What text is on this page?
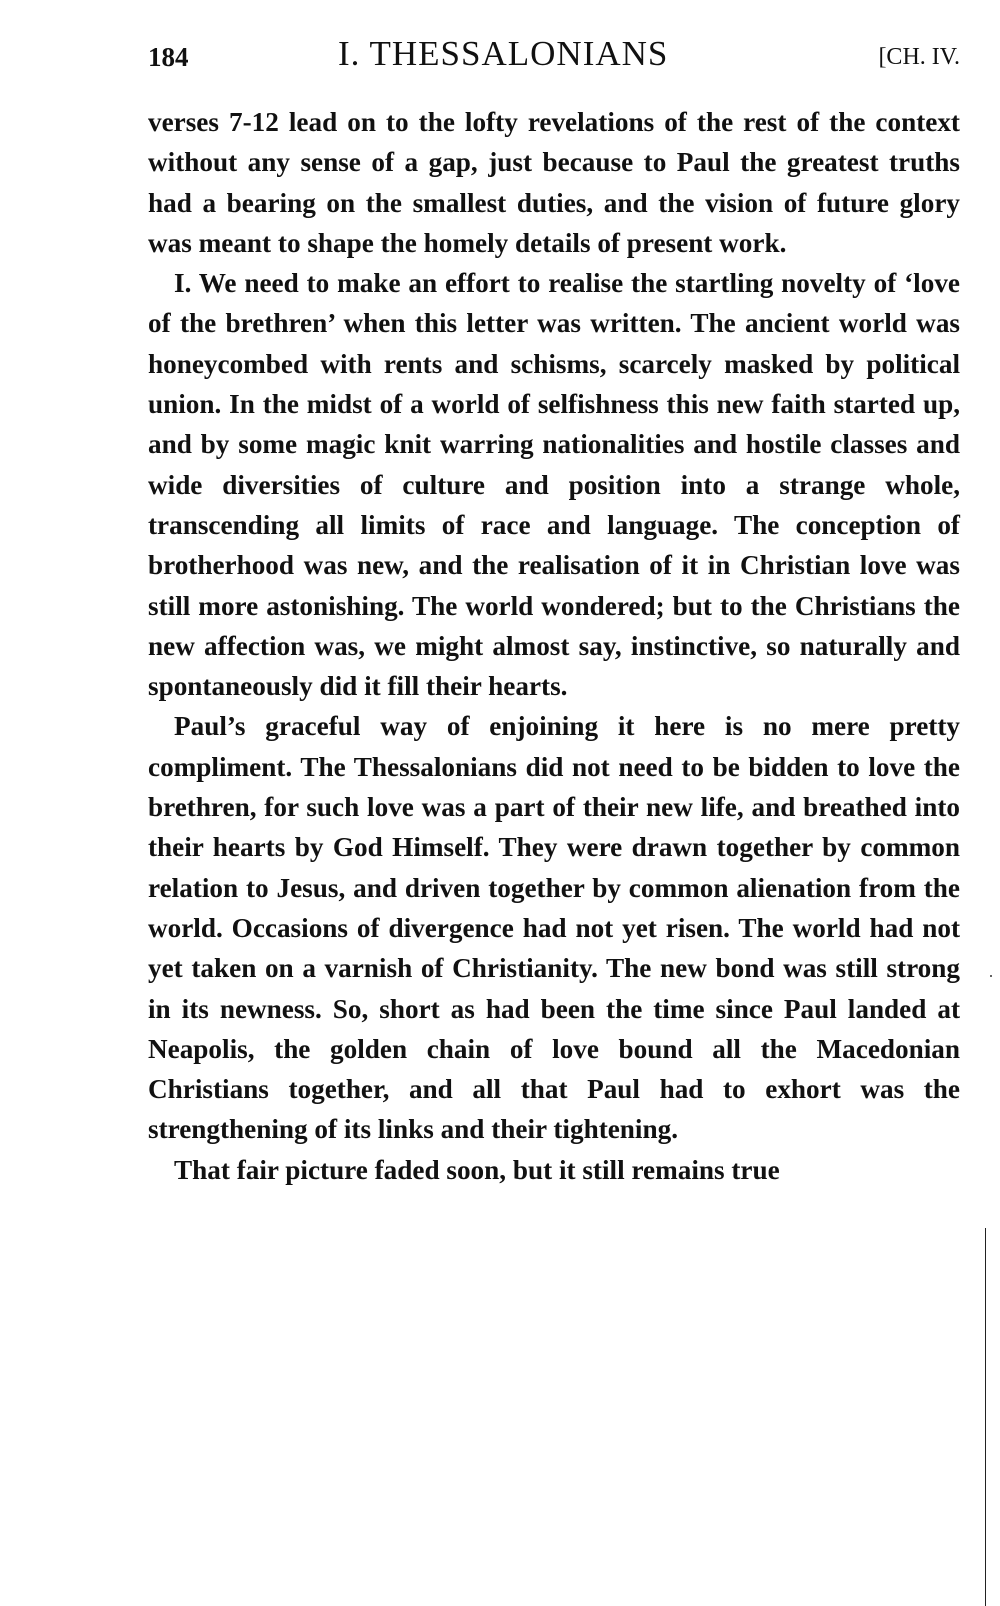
184	I. THESSALONIANS	[CH. IV.

verses 7-12 lead on to the lofty revelations of the rest of the context without any sense of a gap, just because to Paul the greatest truths had a bearing on the smallest duties, and the vision of future glory was meant to shape the homely details of present work.

I. We need to make an effort to realise the startling novelty of ‘love of the brethren’ when this letter was written. The ancient world was honeycombed with rents and schisms, scarcely masked by political union. In the midst of a world of selfishness this new faith started up, and by some magic knit warring nationalities and hostile classes and wide diversities of culture and position into a strange whole, transcending all limits of race and language. The conception of brotherhood was new, and the realisation of it in Christian love was still more astonishing. The world wondered; but to the Christians the new affection was, we might almost say, instinctive, so naturally and spontaneously did it fill their hearts.

Paul’s graceful way of enjoining it here is no mere pretty compliment. The Thessalonians did not need to be bidden to love the brethren, for such love was a part of their new life, and breathed into their hearts by God Himself. They were drawn together by common relation to Jesus, and driven together by common alienation from the world. Occasions of divergence had not yet risen. The world had not yet taken on a varnish of Christianity. The new bond was still strong in its newness. So, short as had been the time since Paul landed at Neapolis, the golden chain of love bound all the Macedonian Christians together, and all that Paul had to exhort was the strengthening of its links and their tightening.

That fair picture faded soon, but it still remains true
